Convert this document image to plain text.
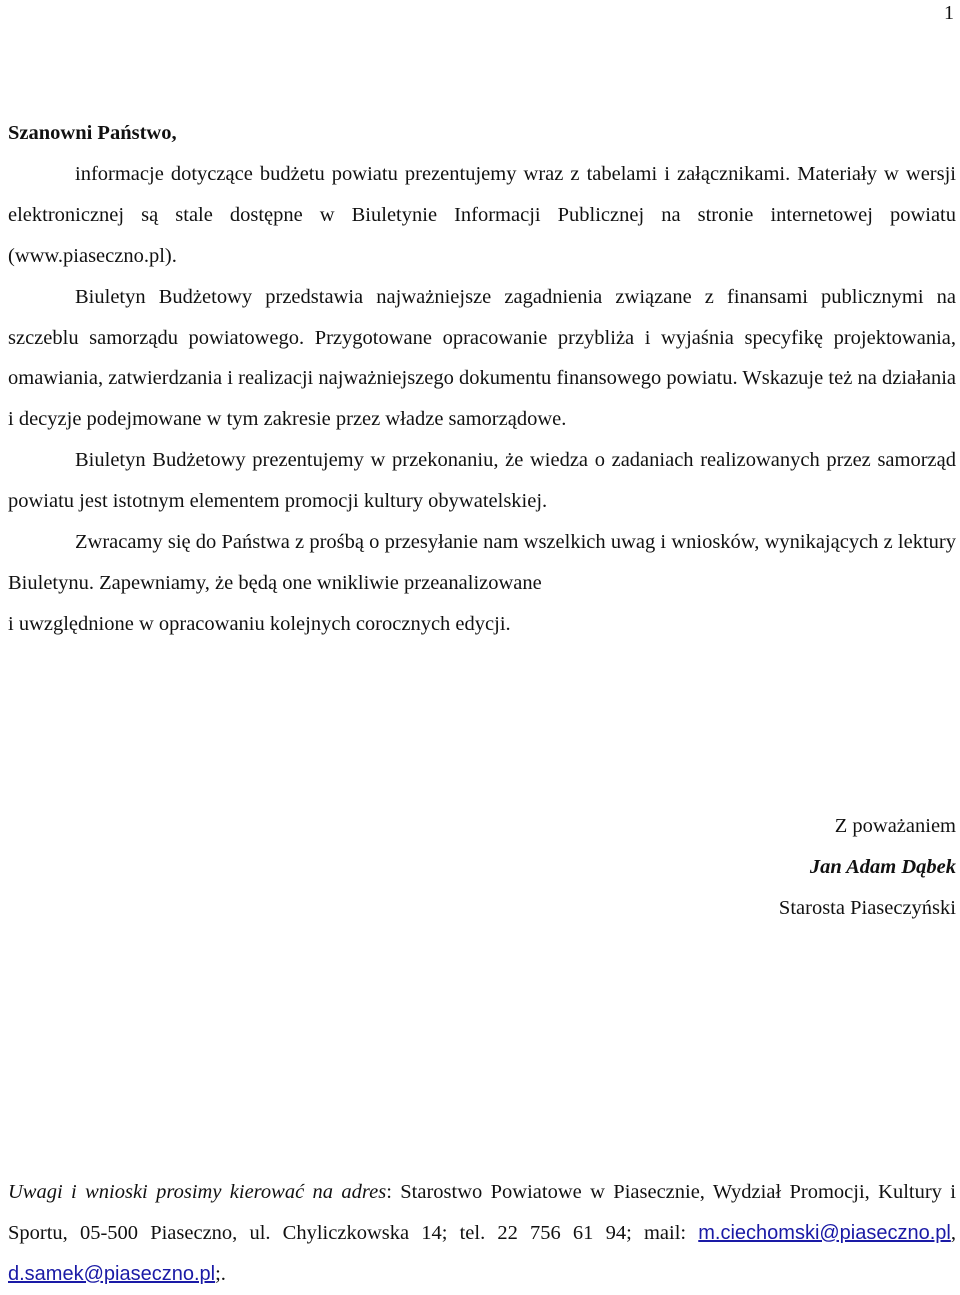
1

Szanowni Państwo,

informacje dotyczące budżetu powiatu prezentujemy wraz z tabelami i załącznikami. Materiały w wersji elektronicznej są stale dostępne w Biuletynie Informacji Publicznej na stronie internetowej powiatu (www.piaseczno.pl).

Biuletyn Budżetowy przedstawia najważniejsze zagadnienia związane z finansami publicznymi na szczeblu samorządu powiatowego. Przygotowane opracowanie przybliża i wyjaśnia specyfikę projektowania, omawiania, zatwierdzania i realizacji najważniejszego dokumentu finansowego powiatu. Wskazuje też na działania i decyzje podejmowane w tym zakresie przez władze samorządowe.

Biuletyn Budżetowy prezentujemy w przekonaniu, że wiedza o zadaniach realizowanych przez samorząd powiatu jest istotnym elementem promocji kultury obywatelskiej.

Zwracamy się do Państwa z prośbą o przesyłanie nam wszelkich uwag i wniosków, wynikających z lektury Biuletynu. Zapewniamy, że będą one wnikliwie przeanalizowane

i uwzględnione w opracowaniu kolejnych corocznych edycji.
Z poważaniem
Jan Adam Dąbek
Starosta Piaseczyński
Uwagi i wnioski prosimy kierować na adres: Starostwo Powiatowe w Piasecznie, Wydział Promocji, Kultury i Sportu, 05-500 Piaseczno, ul. Chyliczkowska 14; tel. 22 756 61 94; mail: m.ciechomski@piaseczno.pl, d.samek@piaseczno.pl;.
